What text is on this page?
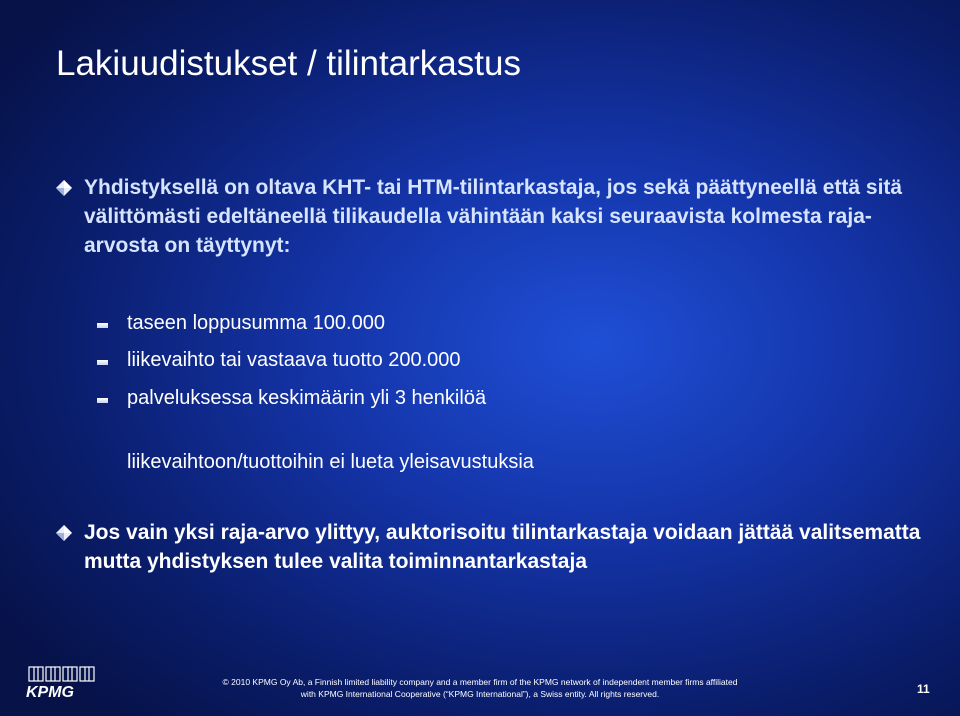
Lakiuudistukset / tilintarkastus
Yhdistyksellä on oltava KHT- tai HTM-tilintarkastaja, jos sekä päättyneellä että sitä välittömästi edeltäneellä tilikaudella vähintään kaksi seuraavista kolmesta raja-arvosta on täyttynyt:
taseen loppusumma 100.000
liikevaihto tai vastaava tuotto 200.000
palveluksessa keskimäärin yli 3 henkilöä
liikevaihtoon/tuottoihin ei lueta yleisavustuksia
Jos vain yksi raja-arvo ylittyy, auktorisoitu tilintarkastaja voidaan jättää valitsematta mutta yhdistyksen tulee valita toiminnantarkastaja
KPMG
© 2010 KPMG Oy Ab, a Finnish limited liability company and a member firm of the KPMG network of independent member firms affiliated
with KPMG International Cooperative (“KPMG International”), a Swiss entity. All rights reserved.	11
